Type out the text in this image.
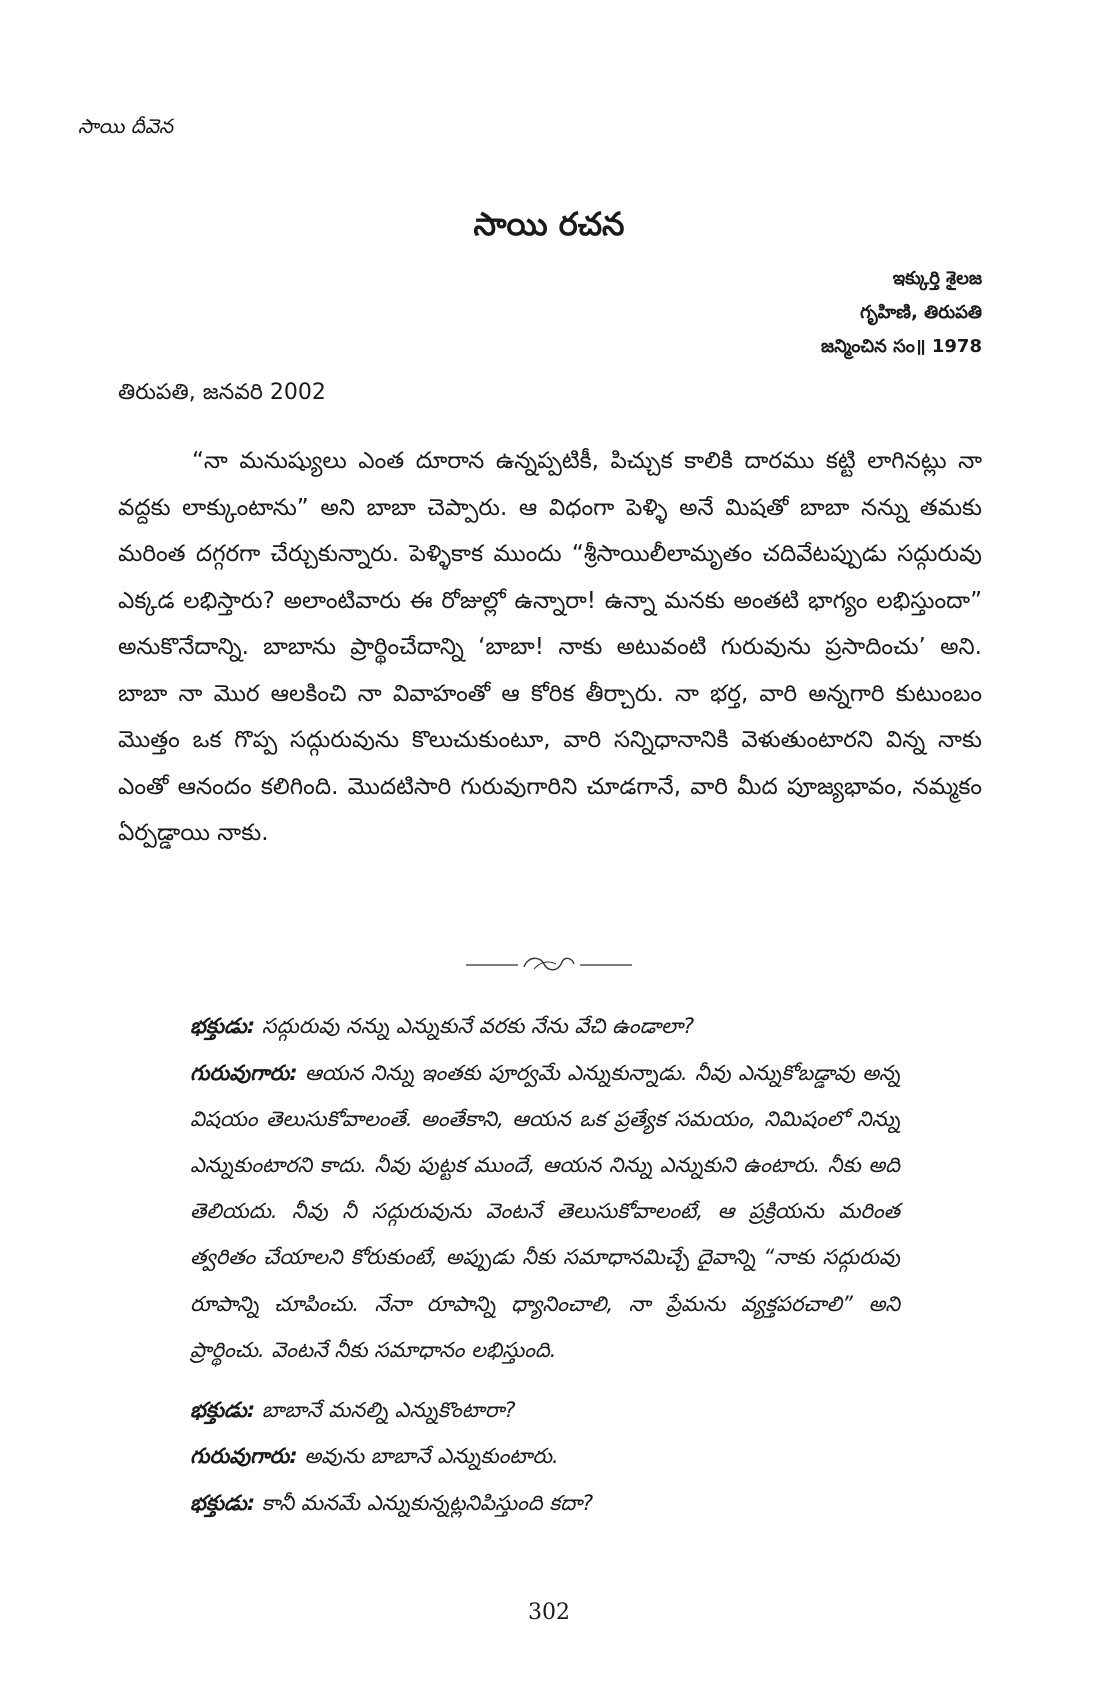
సాయి దీవెన
సాయి రచన
ఇక్కుర్తి శైలజ
గృహిణి, తిరుపతి
జన్మించిన సం॥ 1978
తిరుపతి, జనవరి 2002

“నా మనుష్యులు ఎంత దూరాన ఉన్నప్పటికీ, పిచ్చుక కాలికి దారము కట్టి లాగినట్లు నా వద్దకు లాక్కుంటాను” అని బాబా చెప్పారు. ఆ విధంగా పెళ్ళి అనే మిషతో బాబా నన్ను తమకు మరింత దగ్గరగా చేర్చుకున్నారు. పెళ్ళికాక ముందు “శ్రీసాయిలీలామృతం చదివేటప్పుడు సద్గురువు ఎక్కడ లభిస్తారు? అలాంటివారు ఈ రోజుల్లో ఉన్నారా! ఉన్నా మనకు అంతటి భాగ్యం లభిస్తుందా” అనుకొనేదాన్ని. బాబాను ప్రార్థించేదాన్ని ‘బాబా! నాకు అటువంటి గురువును ప్రసాదించు’ అని. బాబా నా మొర ఆలకించి నా వివాహంతో ఆ కోరిక తీర్చారు. నా భర్త, వారి అన్నగారి కుటుంబం మొత్తం ఒక గొప్ప సద్గురువును కొలుచుకుంటూ, వారి సన్నిధానానికి వెళుతుంటారని విన్న నాకు ఎంతో ఆనందం కలిగింది. మొదటిసారి గురువుగారిని చూడగానే, వారి మీద పూజ్యభావం, నమ్మకం ఏర్పడ్డాయి నాకు.

భక్తుడు: సద్గురువు నన్ను ఎన్నుకునే వరకు నేను వేచి ఉండాలా?

గురువుగారు: ఆయన నిన్ను ఇంతకు పూర్వమే ఎన్నుకున్నాడు. నీవు ఎన్నుకోబడ్డావు అన్న విషయం తెలుసుకోవాలంతే. అంతేకాని, ఆయన ఒక ప్రత్యేక సమయం, నిమిషంలో నిన్ను ఎన్నుకుంటారని కాదు. నీవు పుట్టక ముందే, ఆయన నిన్ను ఎన్నుకుని ఉంటారు. నీకు అది తెలియదు. నీవు నీ సద్గురువును వెంటనే తెలుసుకోవాలంటే, ఆ ప్రక్రియను మరింత త్వరితం చేయాలని కోరుకుంటే, అప్పుడు నీకు సమాధానమిచ్చే దైవాన్ని “నాకు సద్గురువు రూపాన్ని చూపించు. నేనా రూపాన్ని ధ్యానించాలి, నా ప్రేమను వ్యక్తపరచాలి” అని ప్రార్థించు. వెంటనే నీకు సమాధానం లభిస్తుంది.

భక్తుడు: బాబానే మనల్ని ఎన్నుకొంటారా?

గురువుగారు: అవును బాబానే ఎన్నుకుంటారు.

భక్తుడు: కానీ మనమే ఎన్నుకున్నట్లనిపిస్తుంది కదా?

302
